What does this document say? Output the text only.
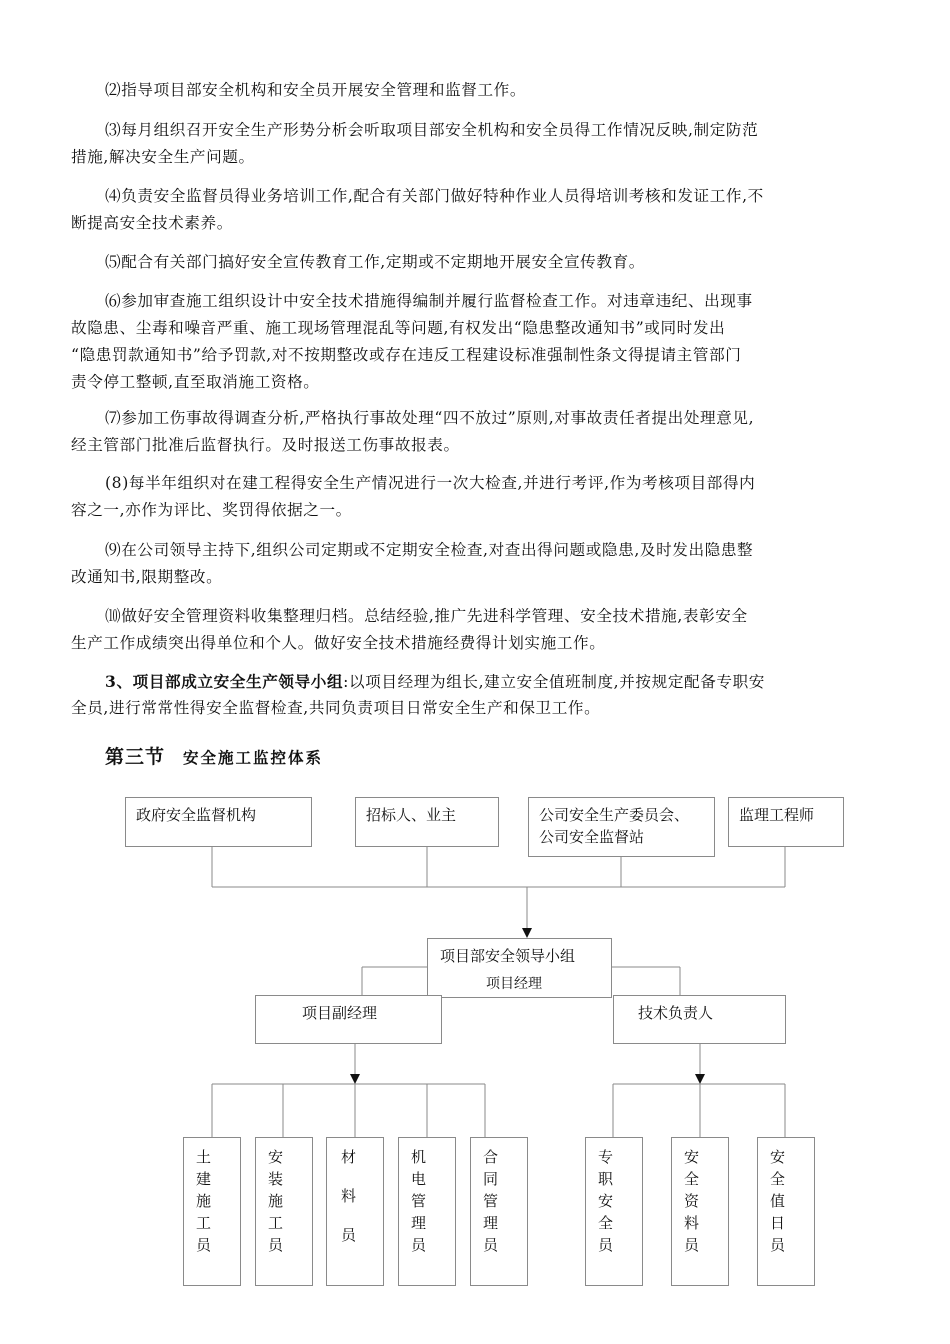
⑵指导项目部安全机构和安全员开展安全管理和监督工作。

⑶每月组织召开安全生产形势分析会听取项目部安全机构和安全员得工作情况反映,制定防范

措施,解决安全生产问题。

⑷负责安全监督员得业务培训工作,配合有关部门做好特种作业人员得培训考核和发证工作,不

断提高安全技术素养。

⑸配合有关部门搞好安全宣传教育工作,定期或不定期地开展安全宣传教育。

⑹参加审查施工组织设计中安全技术措施得编制并履行监督检查工作。对违章违纪、出现事

故隐患、尘毒和噪音严重、施工现场管理混乱等问题,有权发出“隐患整改通知书”或同时发出

“隐患罚款通知书”给予罚款,对不按期整改或存在违反工程建设标准强制性条文得提请主管部门

责令停工整顿,直至取消施工资格。

⑺参加工伤事故得调查分析,严格执行事故处理“四不放过”原则,对事故责任者提出处理意见,

经主管部门批准后监督执行。及时报送工伤事故报表。

(8)每半年组织对在建工程得安全生产情况进行一次大检查,并进行考评,作为考核项目部得内

容之一,亦作为评比、奖罚得依据之一。

⑼在公司领导主持下,组织公司定期或不定期安全检查,对查出得问题或隐患,及时发出隐患整

改通知书,限期整改。

⑽做好安全管理资料收集整理归档。总结经验,推广先进科学管理、安全技术措施,表彰安全

生产工作成绩突出得单位和个人。做好安全技术措施经费得计划实施工作。

3、项目部成立安全生产领导小组:以项目经理为组长,建立安全值班制度,并按规定配备专职安

全员,进行常常性得安全监督检查,共同负责项目日常安全生产和保卫工作。

第三节 安全施工监控体系
政府安全监督机构	招标人、业主	公司安全生产委员会、
公司安全监督站
监理工程师
项目部安全领导小组
项目经理
项目副经理	技术负责人
土建施工员
安装施工员
材料员
机电管理员
合同管理员
专职安全员
安全资料员
安全值日员
